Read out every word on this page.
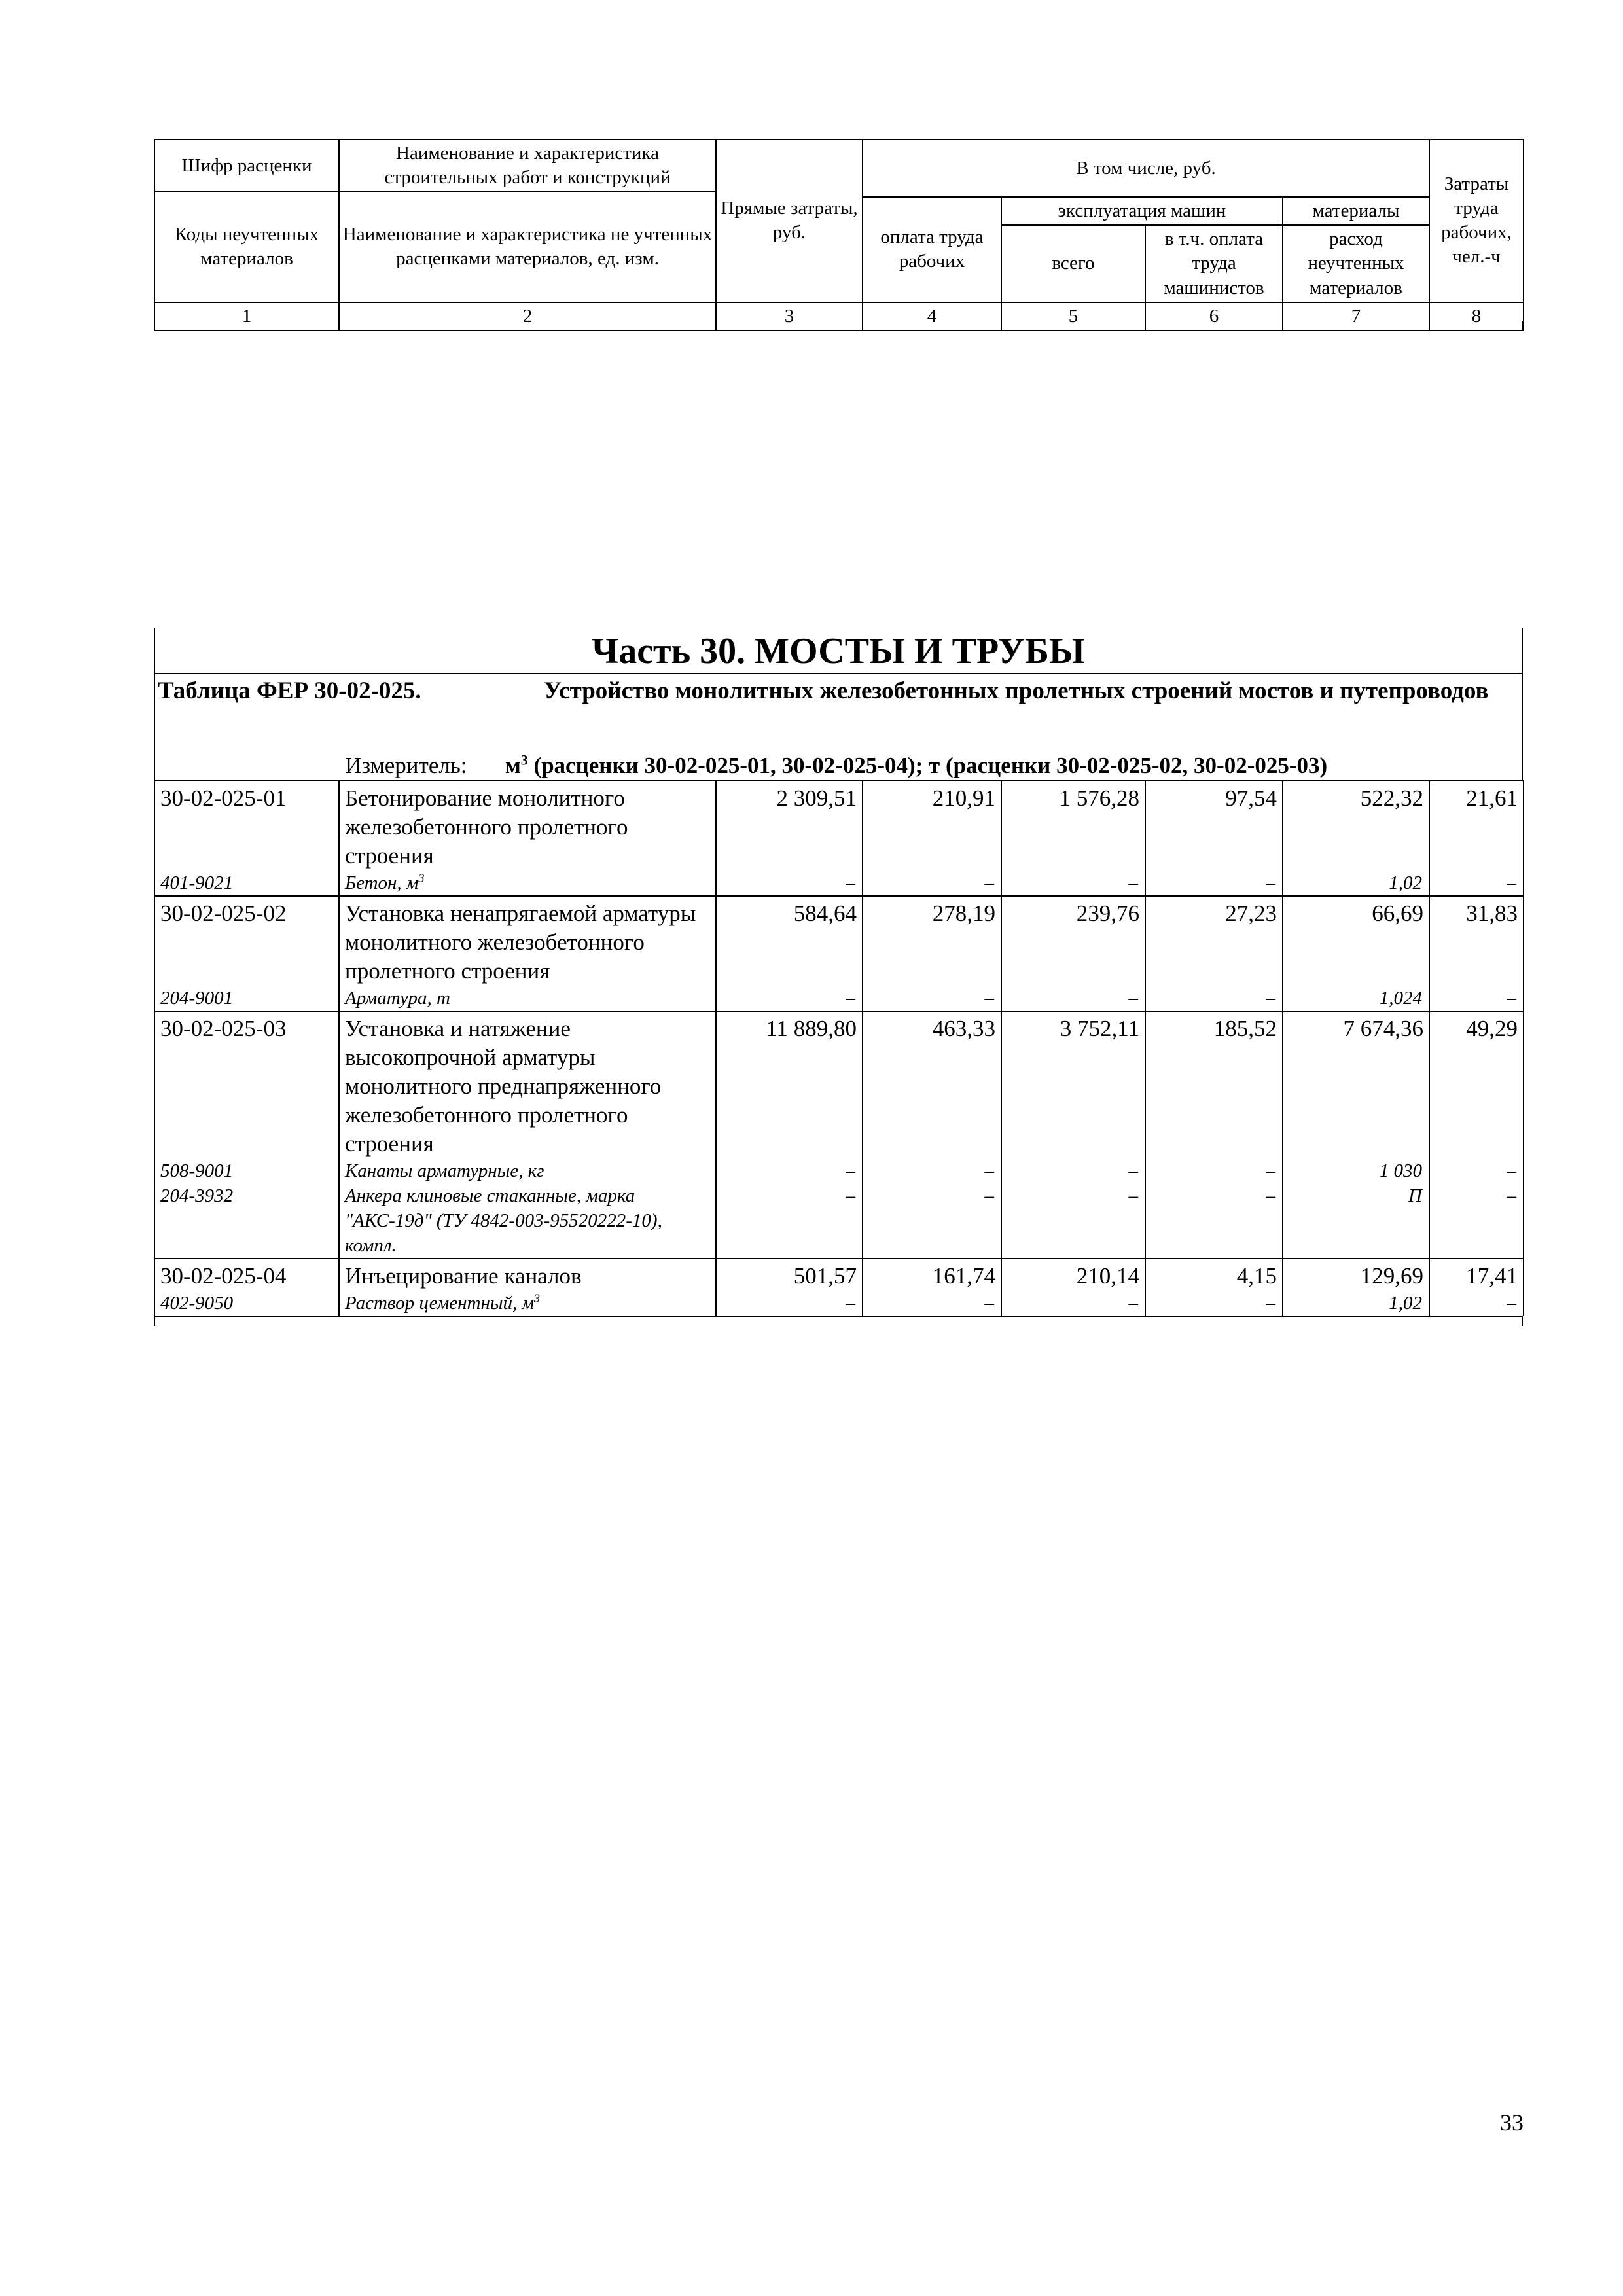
Шифр расценки	Наименование и характеристика строительных работ и конструкций	Прямые затраты, руб.	В том числе, руб.				Затраты труда рабочих, чел.-ч
Коды неучтенных материалов	Наименование и характеристика не учтенных расценками материалов, ед. изм.						
			оплата труда рабочих	эксплуатация машин		материалы	
				всего	в т.ч. оплата труда машинистов	расход неучтенных материалов	
1	2	3	4	5	6	7	8
Часть 30. МОСТЫ И ТРУБЫ
Таблица ФЕР 30-02-025.	Устройство монолитных железобетонных пролетных строений мостов и путепроводов
Измеритель: $м^3$ (расценки 30-02-025-01, 30-02-025-04); т (расценки 30-02-025-02, 30-02-025-03)
30-02-025-01	Бетонирование монолитного железобетонного пролетного строения	2 309,51	210,91	1 576,28	97,54	522,32	21,61
401-9021	Бетон, $м^3$	–	–	–	–	1,02	–
30-02-025-02	Установка ненапрягаемой арматуры монолитного железобетонного пролетного строения	584,64	278,19	239,76	27,23	66,69	31,83
204-9001	Арматура, т	–	–	–	–	1,024	–
30-02-025-03	Установка и натяжение высокопрочной арматуры монолитного преднапряженного железобетонного пролетного строения	11 889,80	463,33	3 752,11	185,52	7 674,36	49,29
508-9001	Канаты арматурные, кг	–	–	–	–	1 030	–
204-3932	Анкера клиновые стаканные, марка "АКС-19д" (ТУ 4842-003-95520222-10), компл.	–	–	–	–	П	–
30-02-025-04	Инъецирование каналов	501,57	161,74	210,14	4,15	129,69	17,41
402-9050	Раствор цементный, $м^3$	–	–	–	–	1,02	–
33
